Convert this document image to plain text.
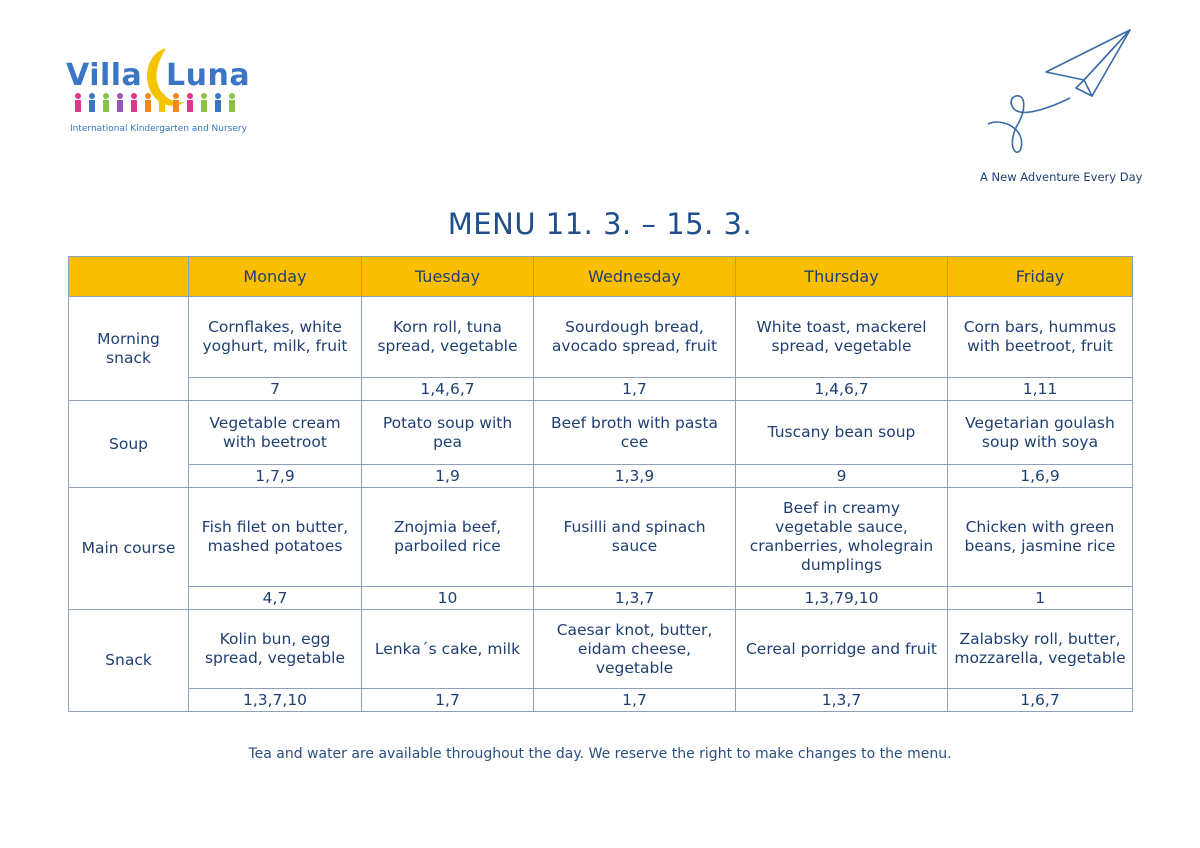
Villa Luna
International Kindergarten and Nursery
A New Adventure Every Day
MENU 11. 3. – 15. 3.
	Monday	Tuesday	Wednesday	Thursday	Friday
Morning snack	Cornflakes, white yoghurt, milk, fruit	Korn roll, tuna spread, vegetable	Sourdough bread, avocado spread, fruit	White toast, mackerel spread, vegetable	Corn bars, hummus with beetroot, fruit
	7	1,4,6,7	1,7	1,4,6,7	1,11
Soup	Vegetable cream with beetroot	Potato soup with pea	Beef broth with pasta cee	Tuscany bean soup	Vegetarian goulash soup with soya
	1,7,9	1,9	1,3,9	9	1,6,9
Main course	Fish filet on butter, mashed potatoes	Znojmia beef, parboiled rice	Fusilli and spinach sauce	Beef in creamy vegetable sauce, cranberries, wholegrain dumplings	Chicken with green beans, jasmine rice
	4,7	10	1,3,7	1,3,79,10	1
Snack	Kolin bun, egg spread, vegetable	Lenka´s cake, milk	Caesar knot, butter, eidam cheese, vegetable	Cereal porridge and fruit	Zalabsky roll, butter, mozzarella, vegetable
	1,3,7,10	1,7	1,7	1,3,7	1,6,7
Tea and water are available throughout the day. We reserve the right to make changes to the menu.
